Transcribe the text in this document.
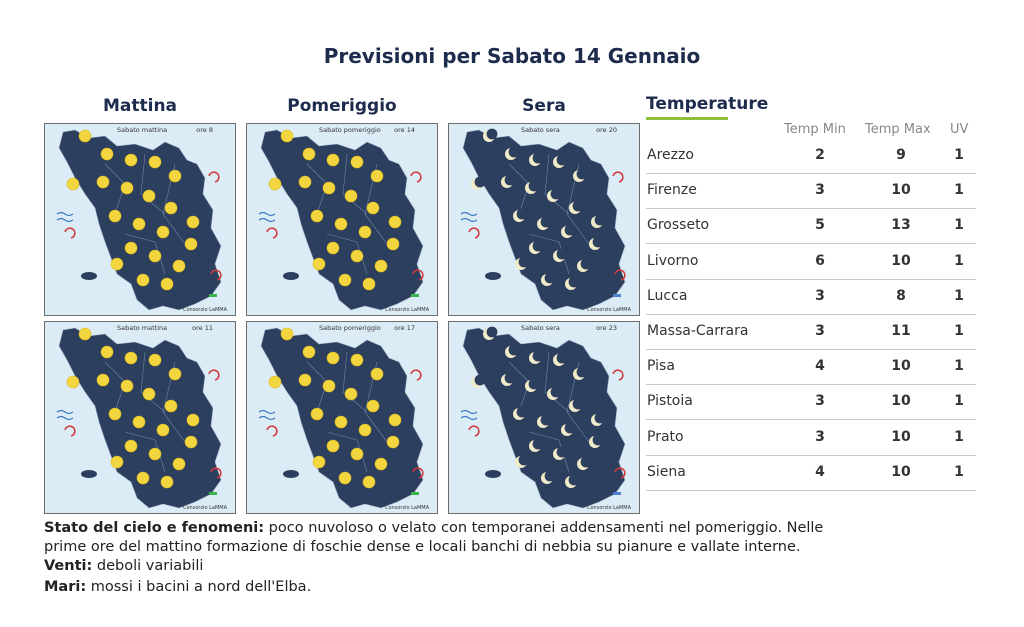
Previsioni per Sabato 14 Gennaio
Mattina	Pomeriggio	Sera
Sabato mattina	ore 8
Consorzio LaMMA
Sabato pomeriggio ore 14
Consorzio LaMMA
Sabato sera	ore 20
Consorzio LaMMA
Sabato mattina	ore 11
Consorzio LaMMA
Sabato pomeriggio ore 17
Consorzio LaMMA
Sabato sera	ore 23
Consorzio LaMMA
Temperature
Temp Min Temp Max UV
Arezzo	2	9	1
Firenze	3	10	1
Grosseto	5	13	1
Livorno	6	10	1
Lucca	3	8	1
Massa-Carrara	3	11	1
Pisa	4	10	1
Pistoia	3	10	1
Prato	3	10	1
Siena	4	10	1
Stato del cielo e fenomeni: poco nuvoloso o velato con temporanei addensamenti nel pomeriggio. Nelle
prime ore del mattino formazione di foschie dense e locali banchi di nebbia su pianure e vallate interne.
Venti: deboli variabili
Mari: mossi i bacini a nord dell'Elba.
